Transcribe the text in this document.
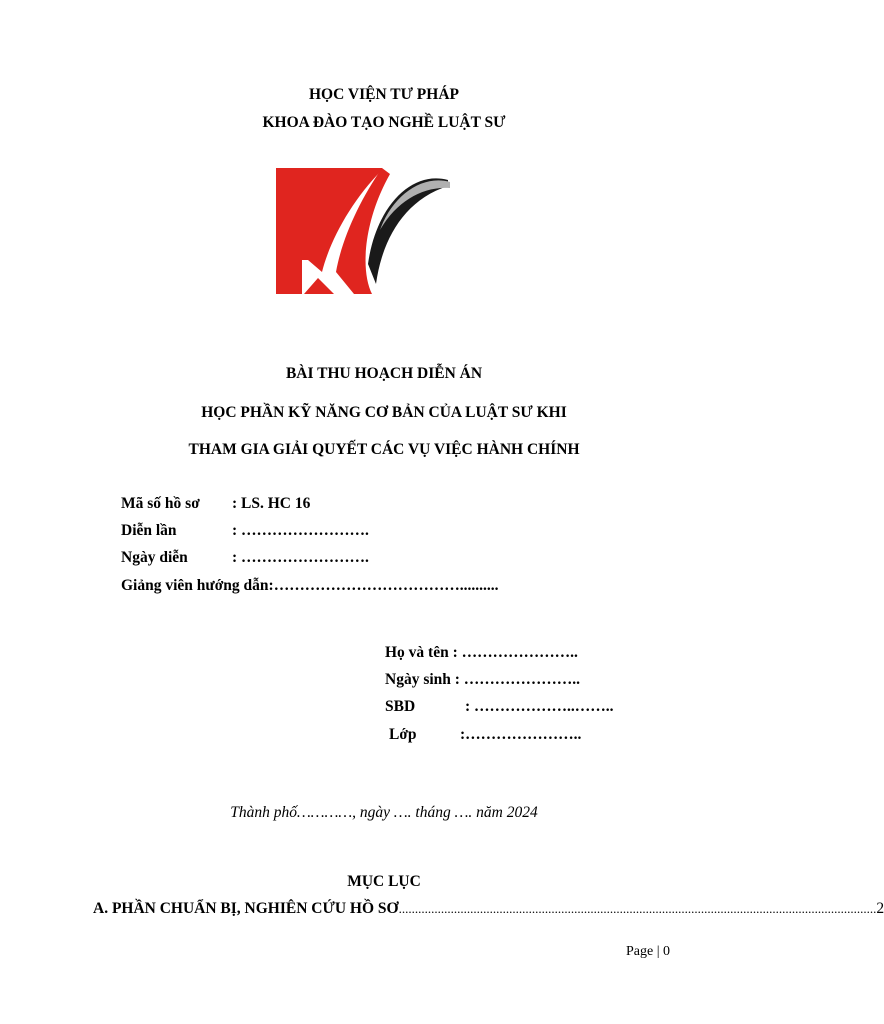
HỌC VIỆN TƯ PHÁP
KHOA ĐÀO TẠO NGHỀ LUẬT SƯ
BÀI THU HOẠCH DIỄN ÁN
HỌC PHẦN KỸ NĂNG CƠ BẢN CỦA LUẬT SƯ KHI
THAM GIA GIẢI QUYẾT CÁC VỤ VIỆC HÀNH CHÍNH
Mã số hồ sơ : LS. HC 16
Diễn lần	: …………………….
Ngày diễn	: …………………….
Giảng viên hướng dẫn:………………………………..........
Họ và tên : …………………..
Ngày sinh : …………………..
SBD	: ………………..……..
Lớp	:…………………..
Thành phố…………, ngày …. tháng …. năm 2024
MỤC LỤC
A. PHẦN CHUẨN BỊ, NGHIÊN CỨU HỒ SƠ ................................................................................................................................................... 2
Page | 0
